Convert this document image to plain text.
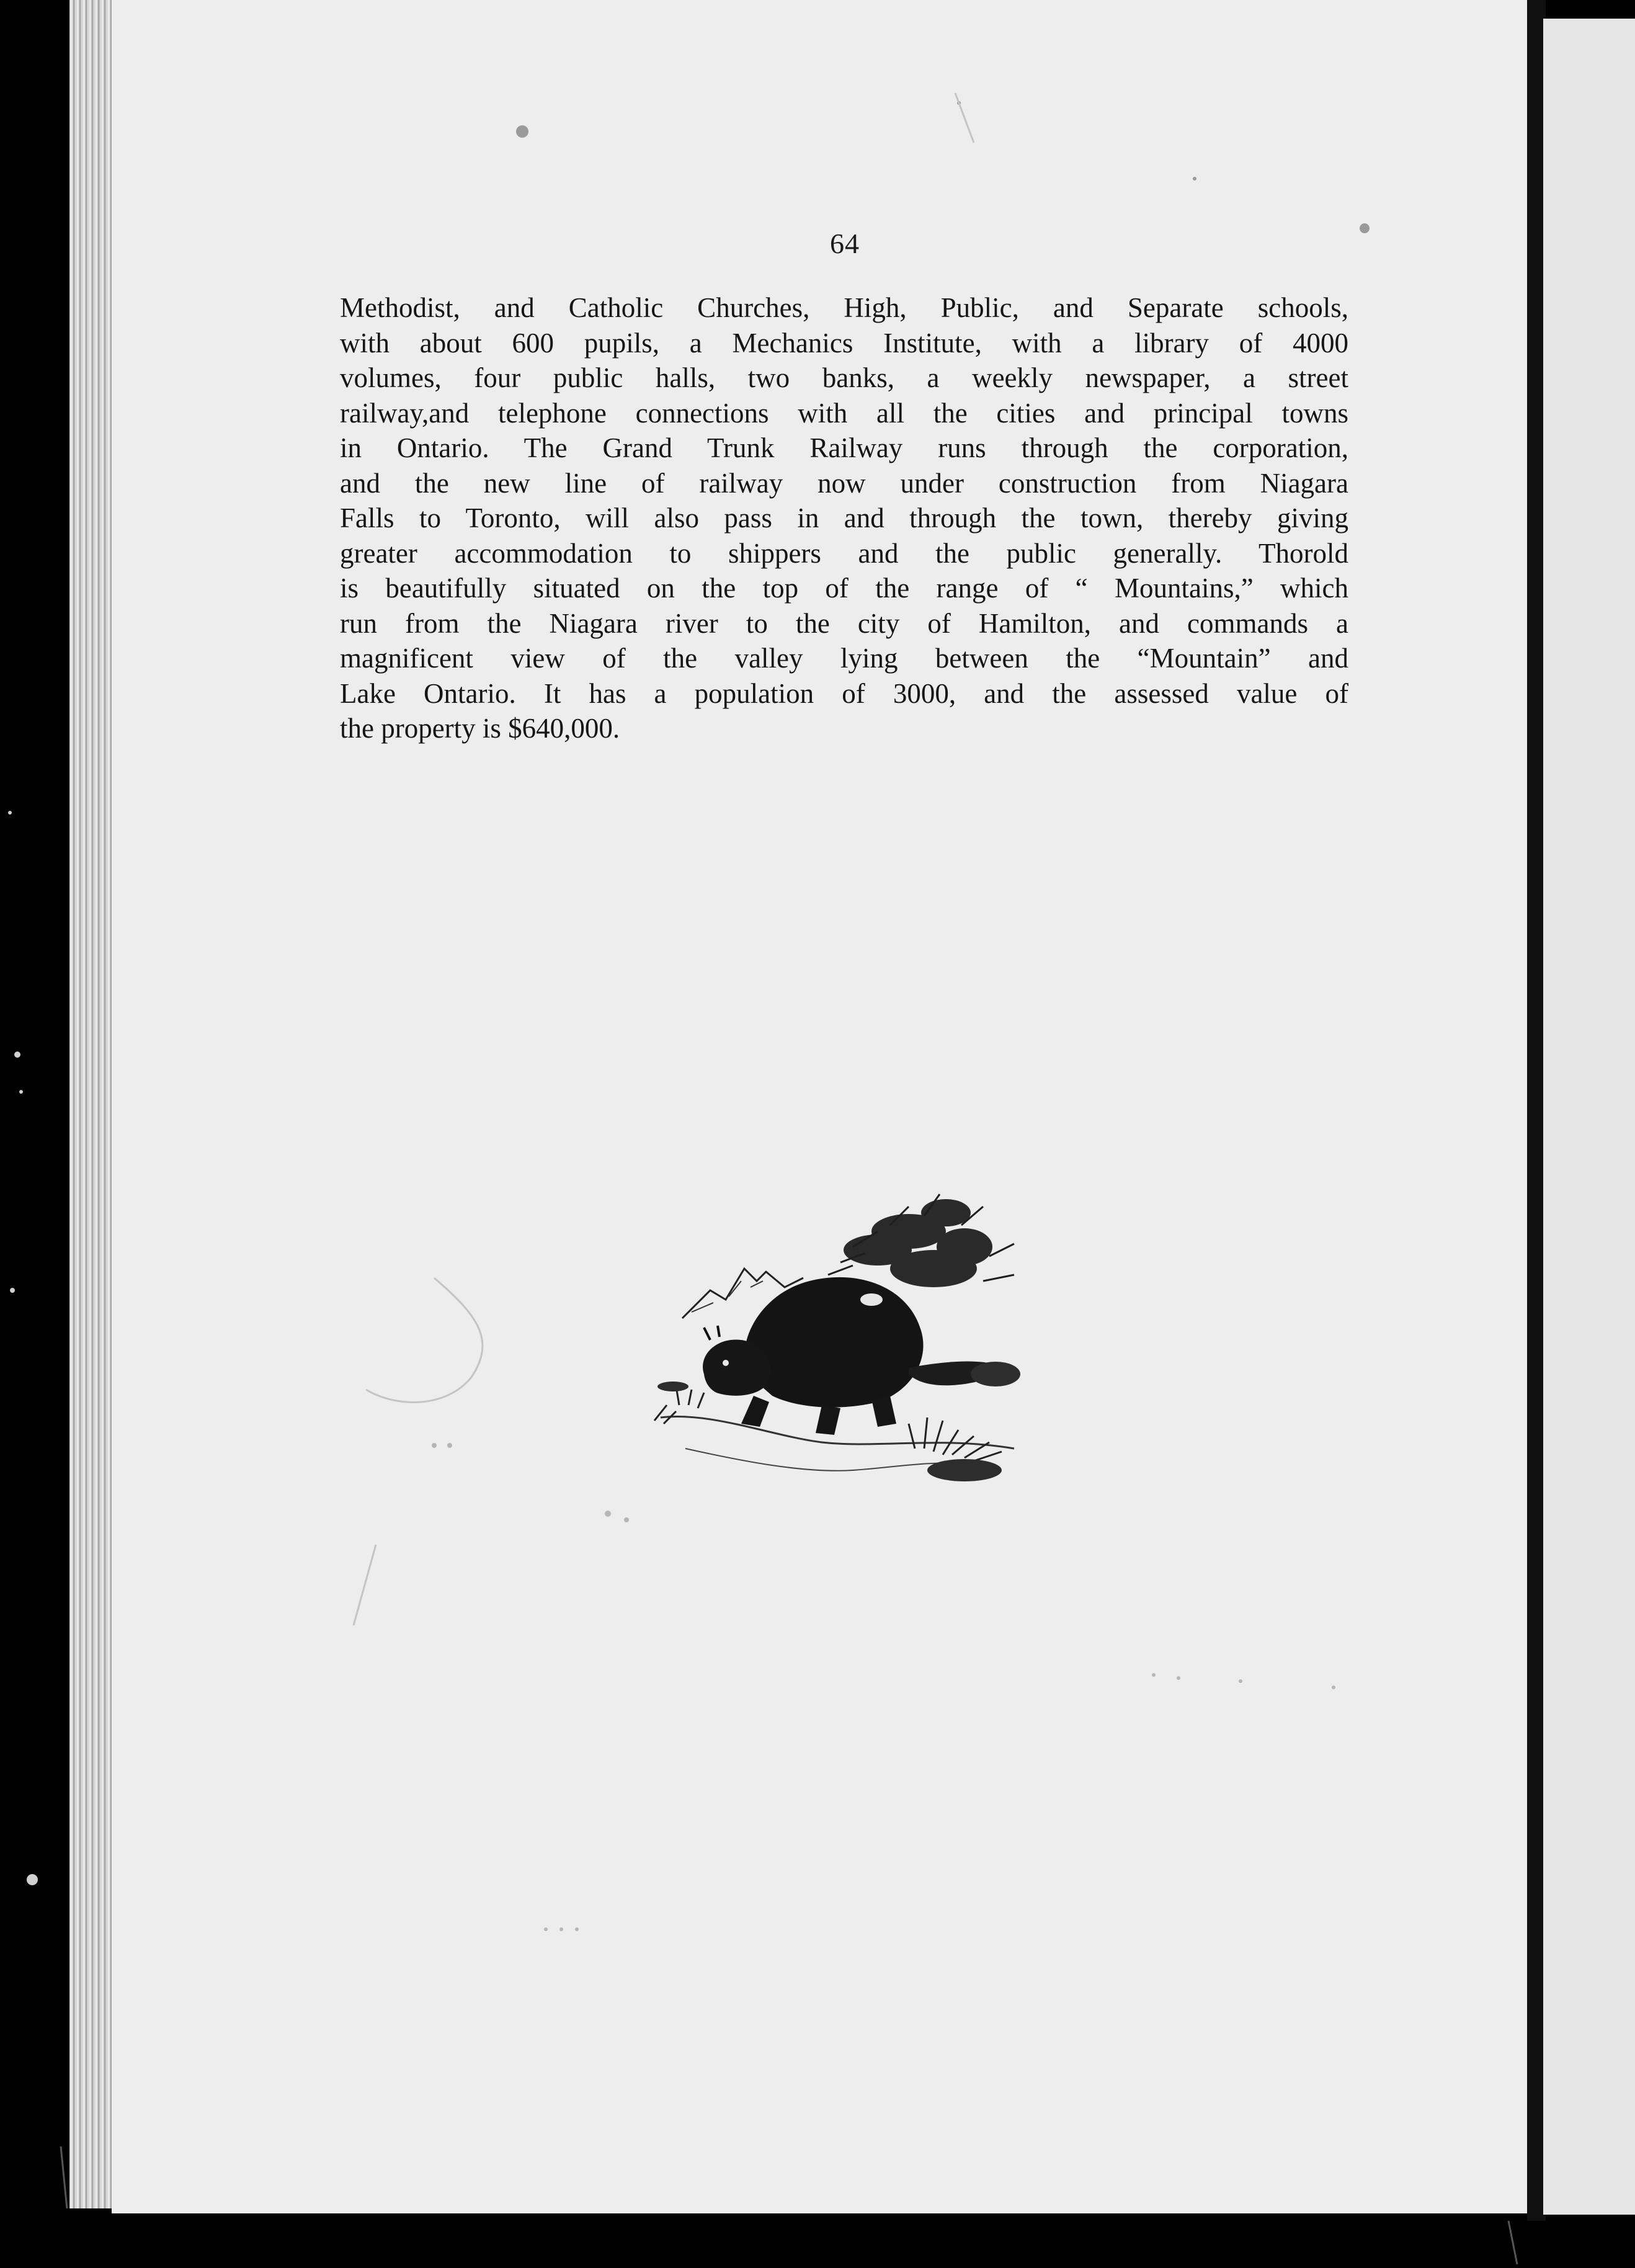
64
Methodist, and Catholic Churches, High, Public, and Separate schools,
with about 600 pupils, a Mechanics Institute, with a library of 4000
volumes, four public halls, two banks, a weekly newspaper, a street
railway,and telephone connections with all the cities and principal towns
in Ontario. The Grand Trunk Railway runs through the corporation,
and the new line of railway now under construction from Niagara
Falls to Toronto, will also pass in and through the town, thereby giving
greater accommodation to shippers and the public generally. Thorold
is beautifully situated on the top of the range of “ Mountains,” which
run from the Niagara river to the city of Hamilton, and commands a
magnificent view of the valley lying between the “Mountain” and
Lake Ontario. It has a population of 3000, and the assessed value of
the property is $640,000.
